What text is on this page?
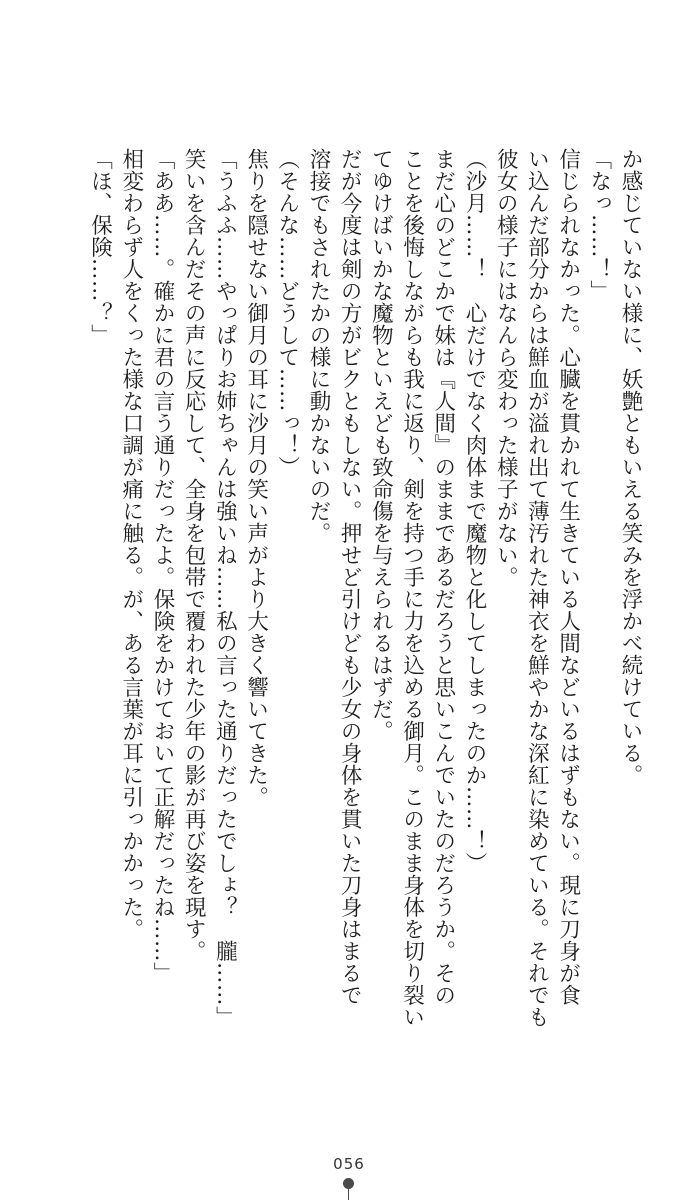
か感じていない様に、妖艶ともいえる笑みを浮かべ続けている。
「なっ……！」
信じられなかった。心臓を貫かれて生きている人間などいるはずもない。現に刀身が食
い込んだ部分からは鮮血が溢れ出て薄汚れた神衣を鮮やかな深紅に染めている。それでも
彼女の様子にはなんら変わった様子がない。
（沙月……！　心だけでなく肉体まで魔物と化してしまったのか……！）
まだ心のどこかで妹は『人間』のままであるだろうと思いこんでいたのだろうか。その
ことを後悔しながらも我に返り、剣を持つ手に力を込める御月。このまま身体を切り裂い
てゆけばいかな魔物といえども致命傷を与えられるはずだ。
だが今度は剣の方がビクともしない。押せど引けども少女の身体を貫いた刀身はまるで
溶接でもされたかの様に動かないのだ。
（そんな……どうして……っ！）
焦りを隠せない御月の耳に沙月の笑い声がより大きく響いてきた。
「うふふ……やっぱりお姉ちゃんは強いね……私の言った通りだったでしょ？　朧……」
笑いを含んだその声に反応して、全身を包帯で覆われた少年の影が再び姿を現す。
「ああ……。確かに君の言う通りだったよ。保険をかけておいて正解だったね……」
相変わらず人をくった様な口調が痛に触る。が、ある言葉が耳に引っかかった。
「ほ、保険……？」
056
